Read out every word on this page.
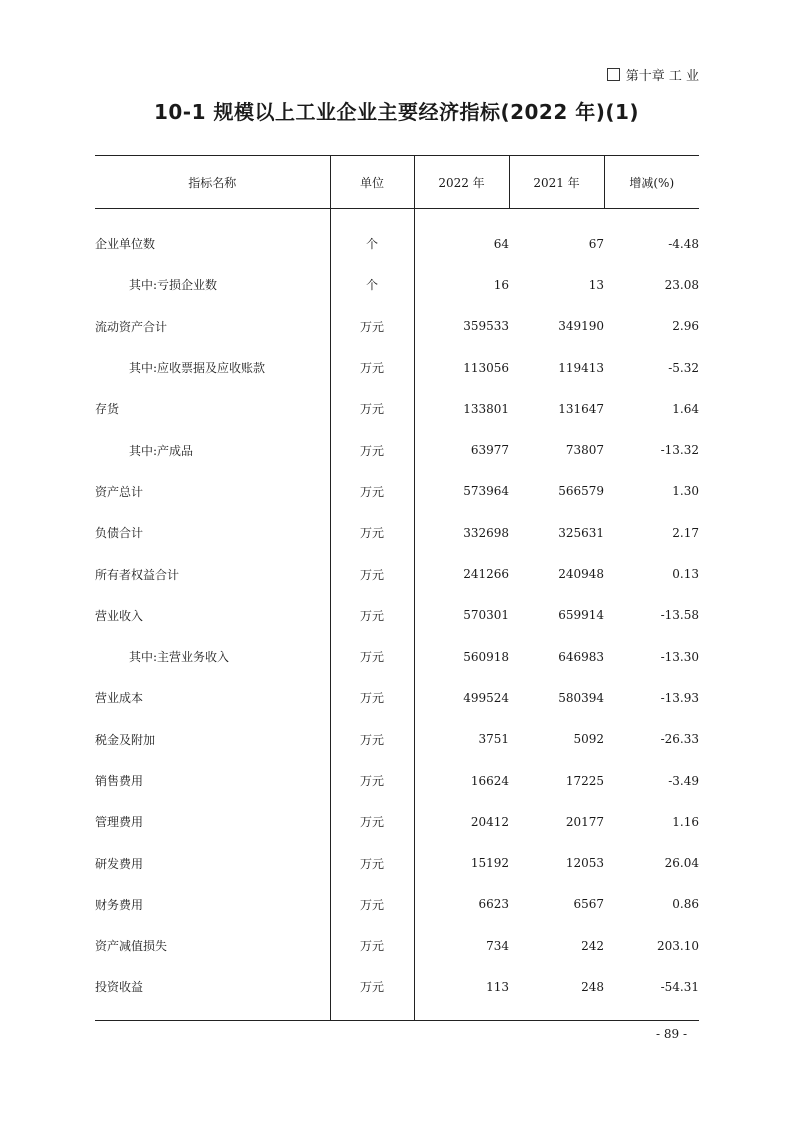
第十章 工 业
10-1 规模以上工业企业主要经济指标(2022 年)(1)
指标名称	单位	2022 年	2021 年	增减(%)

企业单位数	个	64	67	-4.48
其中:亏损企业数	个	16	13	23.08
流动资产合计	万元	359533	349190	2.96
其中:应收票据及应收账款	万元	113056	119413	-5.32
存货	万元	133801	131647	1.64
其中:产成品	万元	63977	73807	-13.32
资产总计	万元	573964	566579	1.30
负债合计	万元	332698	325631	2.17
所有者权益合计	万元	241266	240948	0.13
营业收入	万元	570301	659914	-13.58
其中:主营业务收入	万元	560918	646983	-13.30
营业成本	万元	499524	580394	-13.93
税金及附加	万元	3751	5092	-26.33
销售费用	万元	16624	17225	-3.49
管理费用	万元	20412	20177	1.16
研发费用	万元	15192	12053	26.04
财务费用	万元	6623	6567	0.86
资产减值损失	万元	734	242	203.10
投资收益	万元	113	248	-54.31

- 89 -
